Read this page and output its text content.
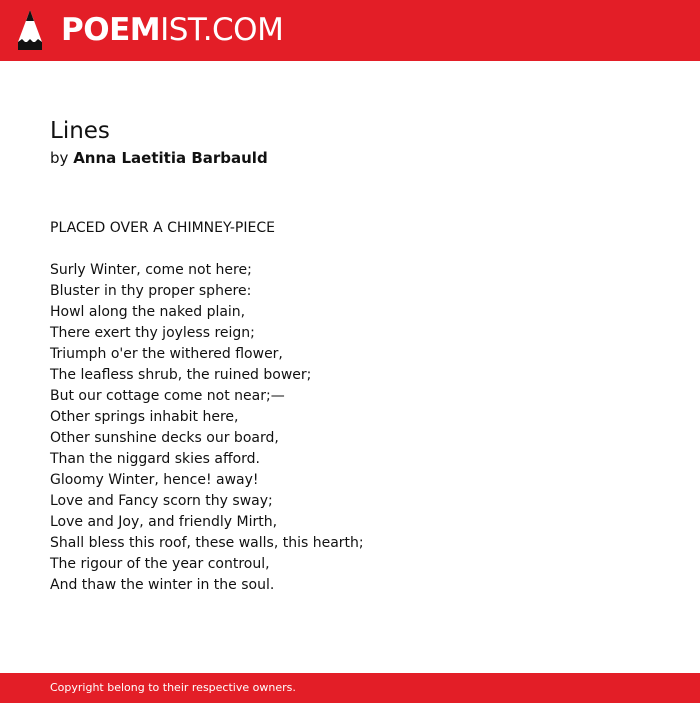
POEMIST.COM
Lines
by Anna Laetitia Barbauld
PLACED OVER A CHIMNEY-PIECE
Surly Winter, come not here;
Bluster in thy proper sphere:
Howl along the naked plain,
There exert thy joyless reign;
Triumph o'er the withered flower,
The leafless shrub, the ruined bower;
But our cottage come not near;—
Other springs inhabit here,
Other sunshine decks our board,
Than the niggard skies afford.
Gloomy Winter, hence! away!
Love and Fancy scorn thy sway;
Love and Joy, and friendly Mirth,
Shall bless this roof, these walls, this hearth;
The rigour of the year controul,
And thaw the winter in the soul.
Copyright belong to their respective owners.
